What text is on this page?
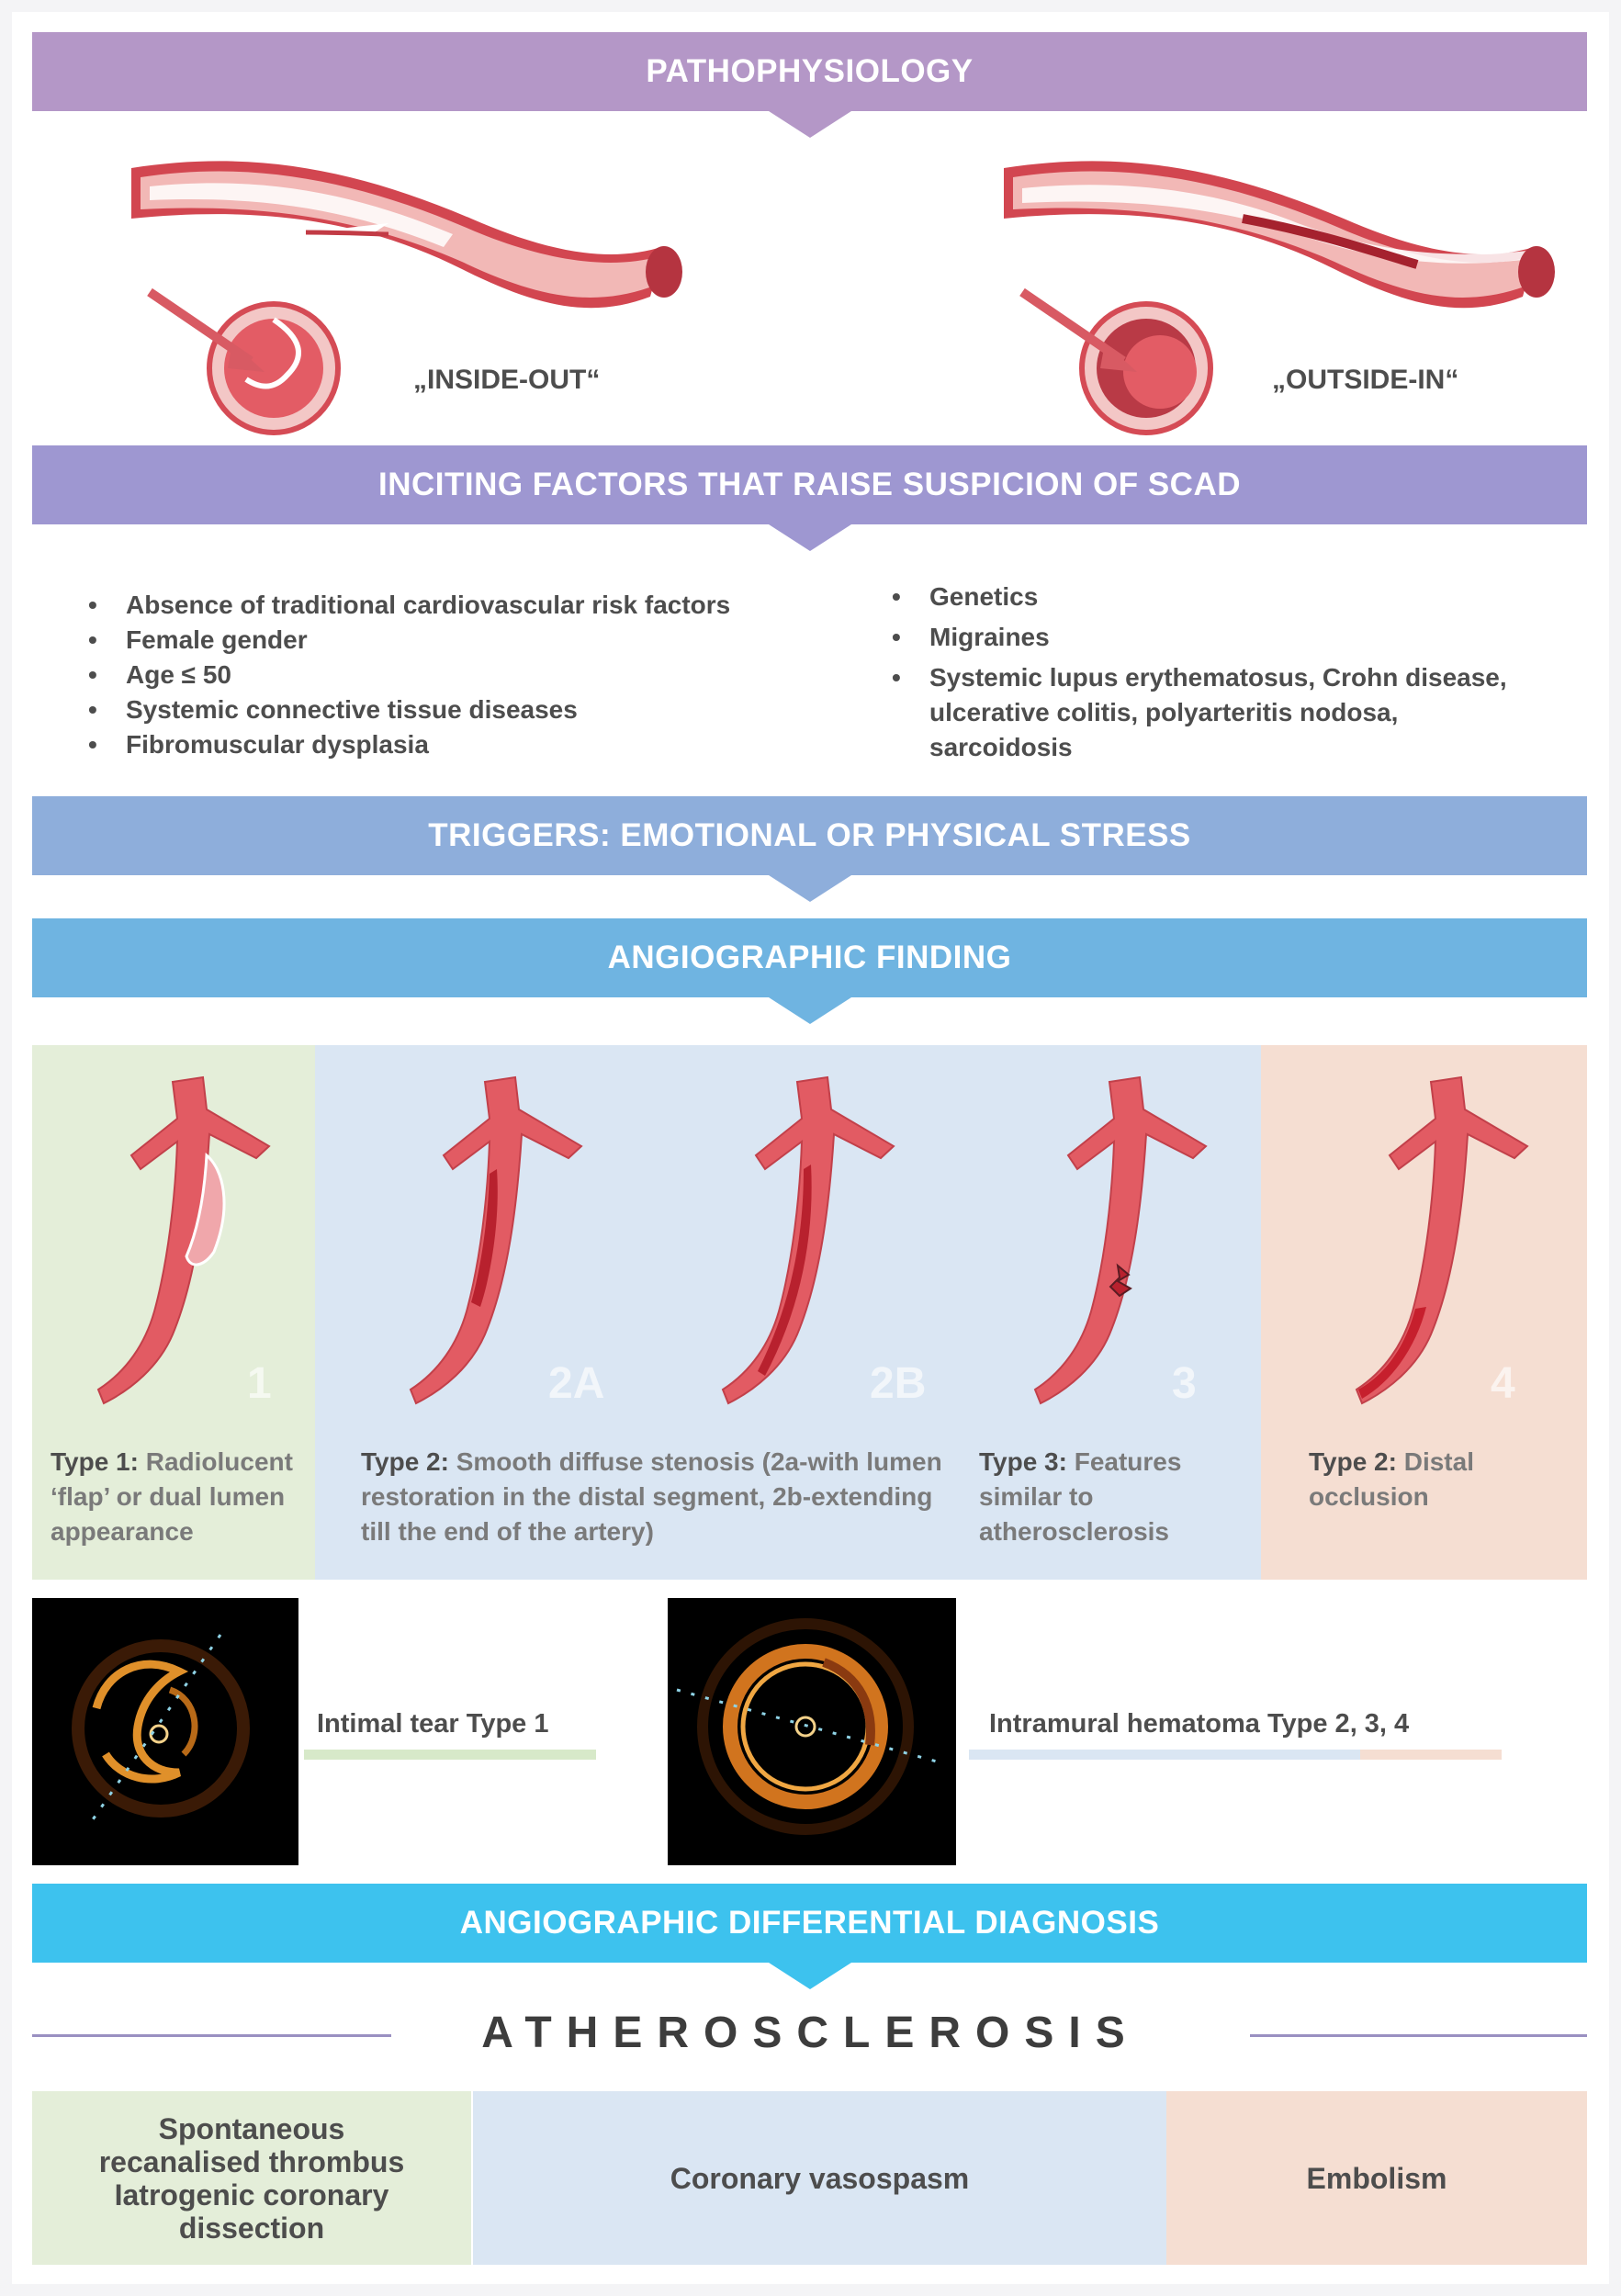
PATHOPHYSIOLOGY
„INSIDE-OUT“	„OUTSIDE-IN“
INCITING FACTORS THAT RAISE SUSPICION OF SCAD
• Absence of traditional cardiovascular risk factors
• Female gender
• Age ≤ 50
• Systemic connective tissue diseases
• Fibromuscular dysplasia
• Genetics
• Migraines
• Systemic lupus erythematosus, Crohn disease, ulcerative colitis, polyarteritis nodosa, sarcoidosis
TRIGGERS: EMOTIONAL OR PHYSICAL STRESS
ANGIOGRAPHIC FINDING
1	2A	2B	3	4
Type 1: Radiolucent ‘flap’ or dual lumen appearance
Type 2: Smooth diffuse stenosis (2a-with lumen restoration in the distal segment, 2b-extending till the end of the artery)
Type 3: Features similar to atherosclerosis
Type 2: Distal occlusion
Intimal tear Type 1	Intramural hematoma Type 2, 3, 4
ANGIOGRAPHIC DIFFERENTIAL DIAGNOSIS
ATHEROSCLEROSIS
Spontaneous
recanalised thrombus
Iatrogenic coronary
dissection
Coronary vasospasm	Embolism
